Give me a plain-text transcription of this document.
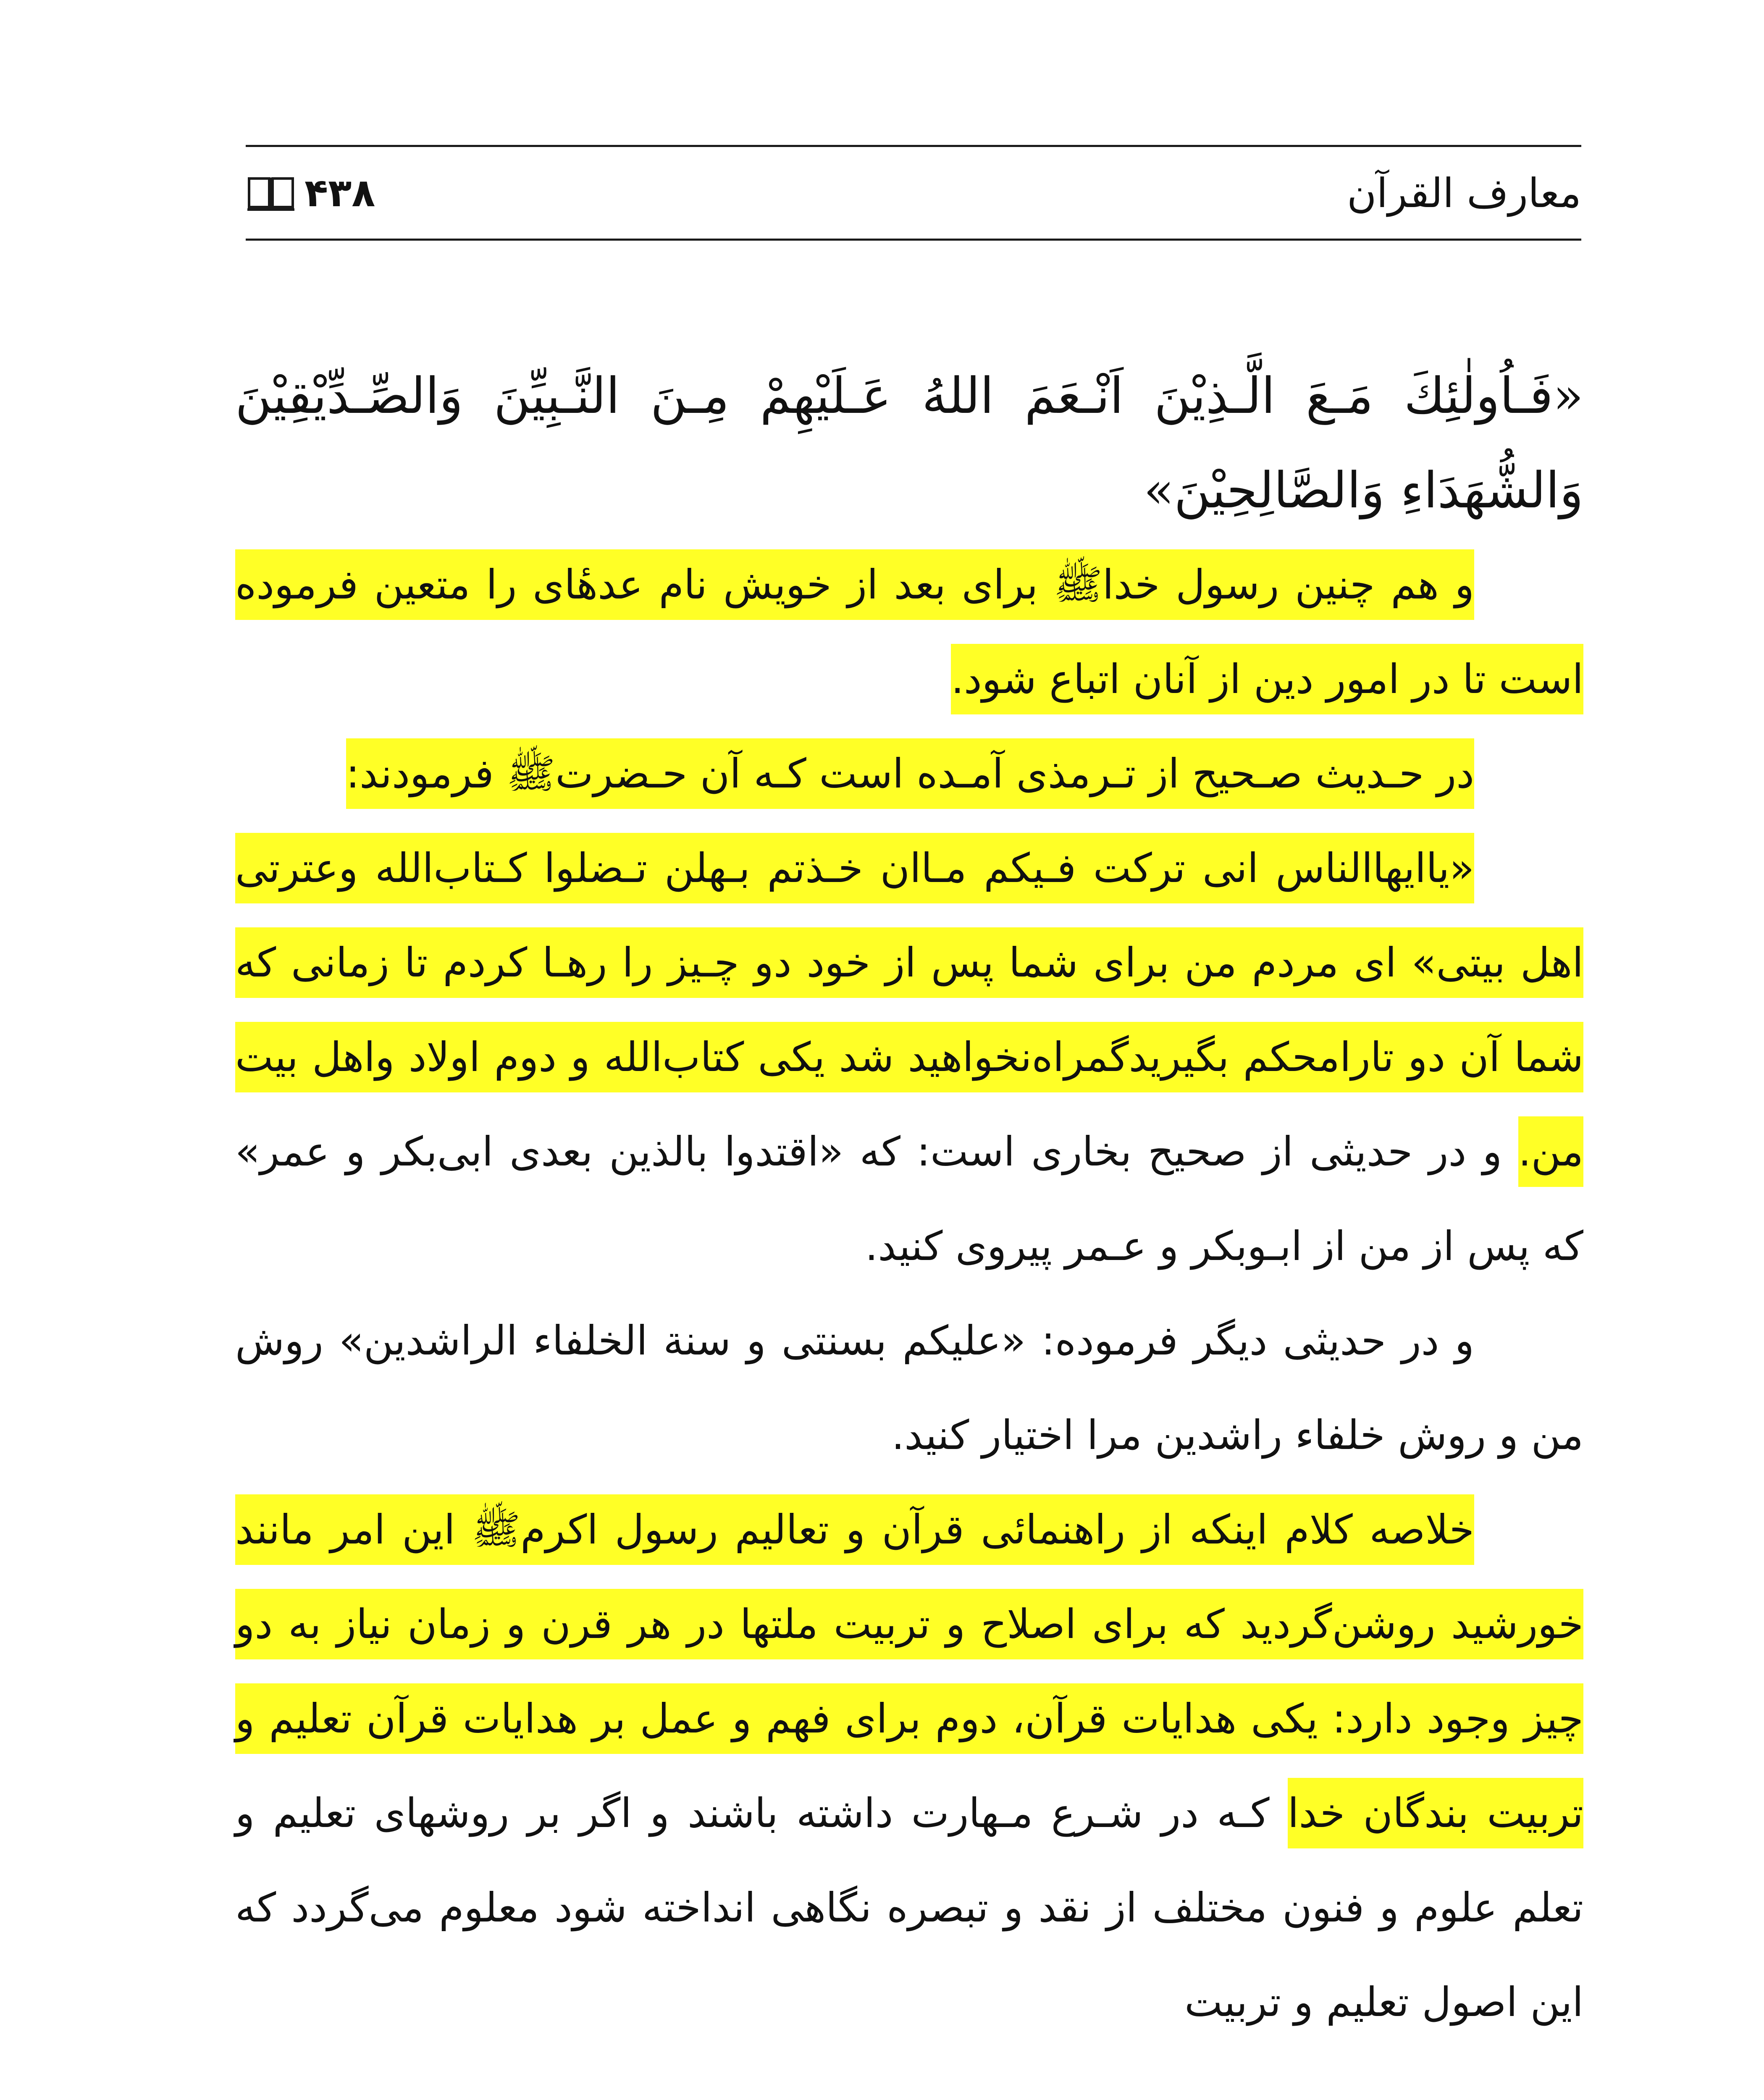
معارف القرآن
۴۳۸

«فَـاُولٰئِكَ مَـعَ الَّـذِيْنَ اَنْـعَمَ اللهُ عَـلَيْهِمْ مِـنَ النَّـبِيِّنَ وَالصِّـدِّيْقِيْنَ وَالشُّهَدَاءِ وَالصَّالِحِيْنَ»

و هم چنین رسول خداﷺ برای بعد از خویش نام عدهٔای را متعین فرموده است تا در امور دین از آنان اتباع شود.

در حـدیث صـحیح از تـرمذی آمـده است کـه آن حـضرتﷺ فرمودند:

«یاایهاالناس انی ترکت فـیکم مـاان خـذتم بـهلن تـضلوا کـتاب‌الله وعترتی اهل بیتی» ای مردم من برای شما پس از خود دو چـیز را رهـا کردم تا زمانی که شما آن دو تارامحکم بگیریدگمراه‌نخواهید شد یکی کتاب‌الله و دوم اولاد واهل بیت من. و در حدیثی از صحیح بخاری است: که «اقتدوا بالذین بعدی ابی‌بکر و عمر» که پس از من از ابـوبکر و عـمر پیروی کنید.

و در حدیثی دیگر فرموده: «علیکم بسنتی و سنة الخلفاء الراشدین» روش من و روش خلفاء راشدین مرا اختیار کنید.

خلاصه کلام اینکه از راهنمائی قرآن و تعالیم رسول اکرمﷺ این امر مانند خورشید روشن‌گردید که برای اصلاح و تربیت ملتها در هر قرن و زمان نیاز به دو چیز وجود دارد: یکی هدایات قرآن، دوم برای فهم و عمل بر هدایات قرآن تعلیم و تربیت بندگان خدا کـه در شـرع مـهارت داشته باشند و اگر بر روشهای تعلیم و تعلم علوم و فنون مختلف از نقد و تبصره نگاهی انداخته شود معلوم می‌گردد که این اصول تعلیم و تربیت
